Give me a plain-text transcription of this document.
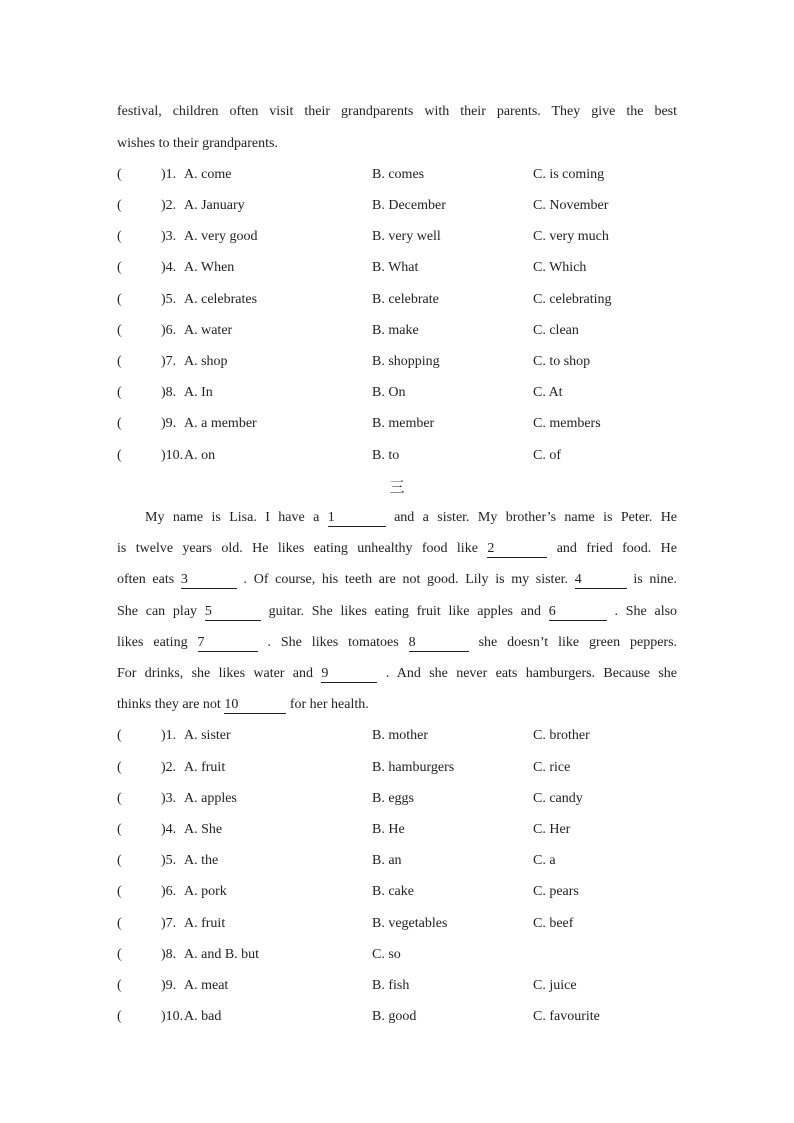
festival, children often visit their grandparents with their parents. They give the best
wishes to their grandparents.
(	)1. A. come	B. comes	C. is coming
(	)2. A. January	B. December	C. November
(	)3. A. very good	B. very well	C. very much
(	)4. A. When	B. What	C. Which
(	)5. A. celebrates	B. celebrate	C. celebrating
(	)6. A. water	B. make	C. clean
(	)7. A. shop	B. shopping	C. to shop
(	)8. A. In	B. On	C. At
(	)9. A. a member	B. member	C. members
(	)10. A. on	B. to	C. of
三
My name is Lisa. I have a 1	and a sister. My brother’s name is Peter. He
is twelve years old. He likes eating unhealthy food like 2	and fried food. He
often eats 3	. Of course, his teeth are not good. Lily is my sister. 4	is nine.
She can play 5	guitar. She likes eating fruit like apples and 6	. She also
likes eating 7	. She likes tomatoes 8	she doesn’t like green peppers.
For drinks, she likes water and 9	. And she never eats hamburgers. Because she
thinks they are not 10	for her health.
(	)1. A. sister	B. mother	C. brother
(	)2. A. fruit	B. hamburgers	C. rice
(	)3. A. apples	B. eggs	C. candy
(	)4. A. She	B. He	C. Her
(	)5. A. the	B. an	C. a
(	)6. A. pork	B. cake	C. pears
(	)7. A. fruit	B. vegetables	C. beef
(	)8. A. and B. but	C. so
(	)9. A. meat	B. fish	C. juice
(	)10. A. bad	B. good	C. favourite
